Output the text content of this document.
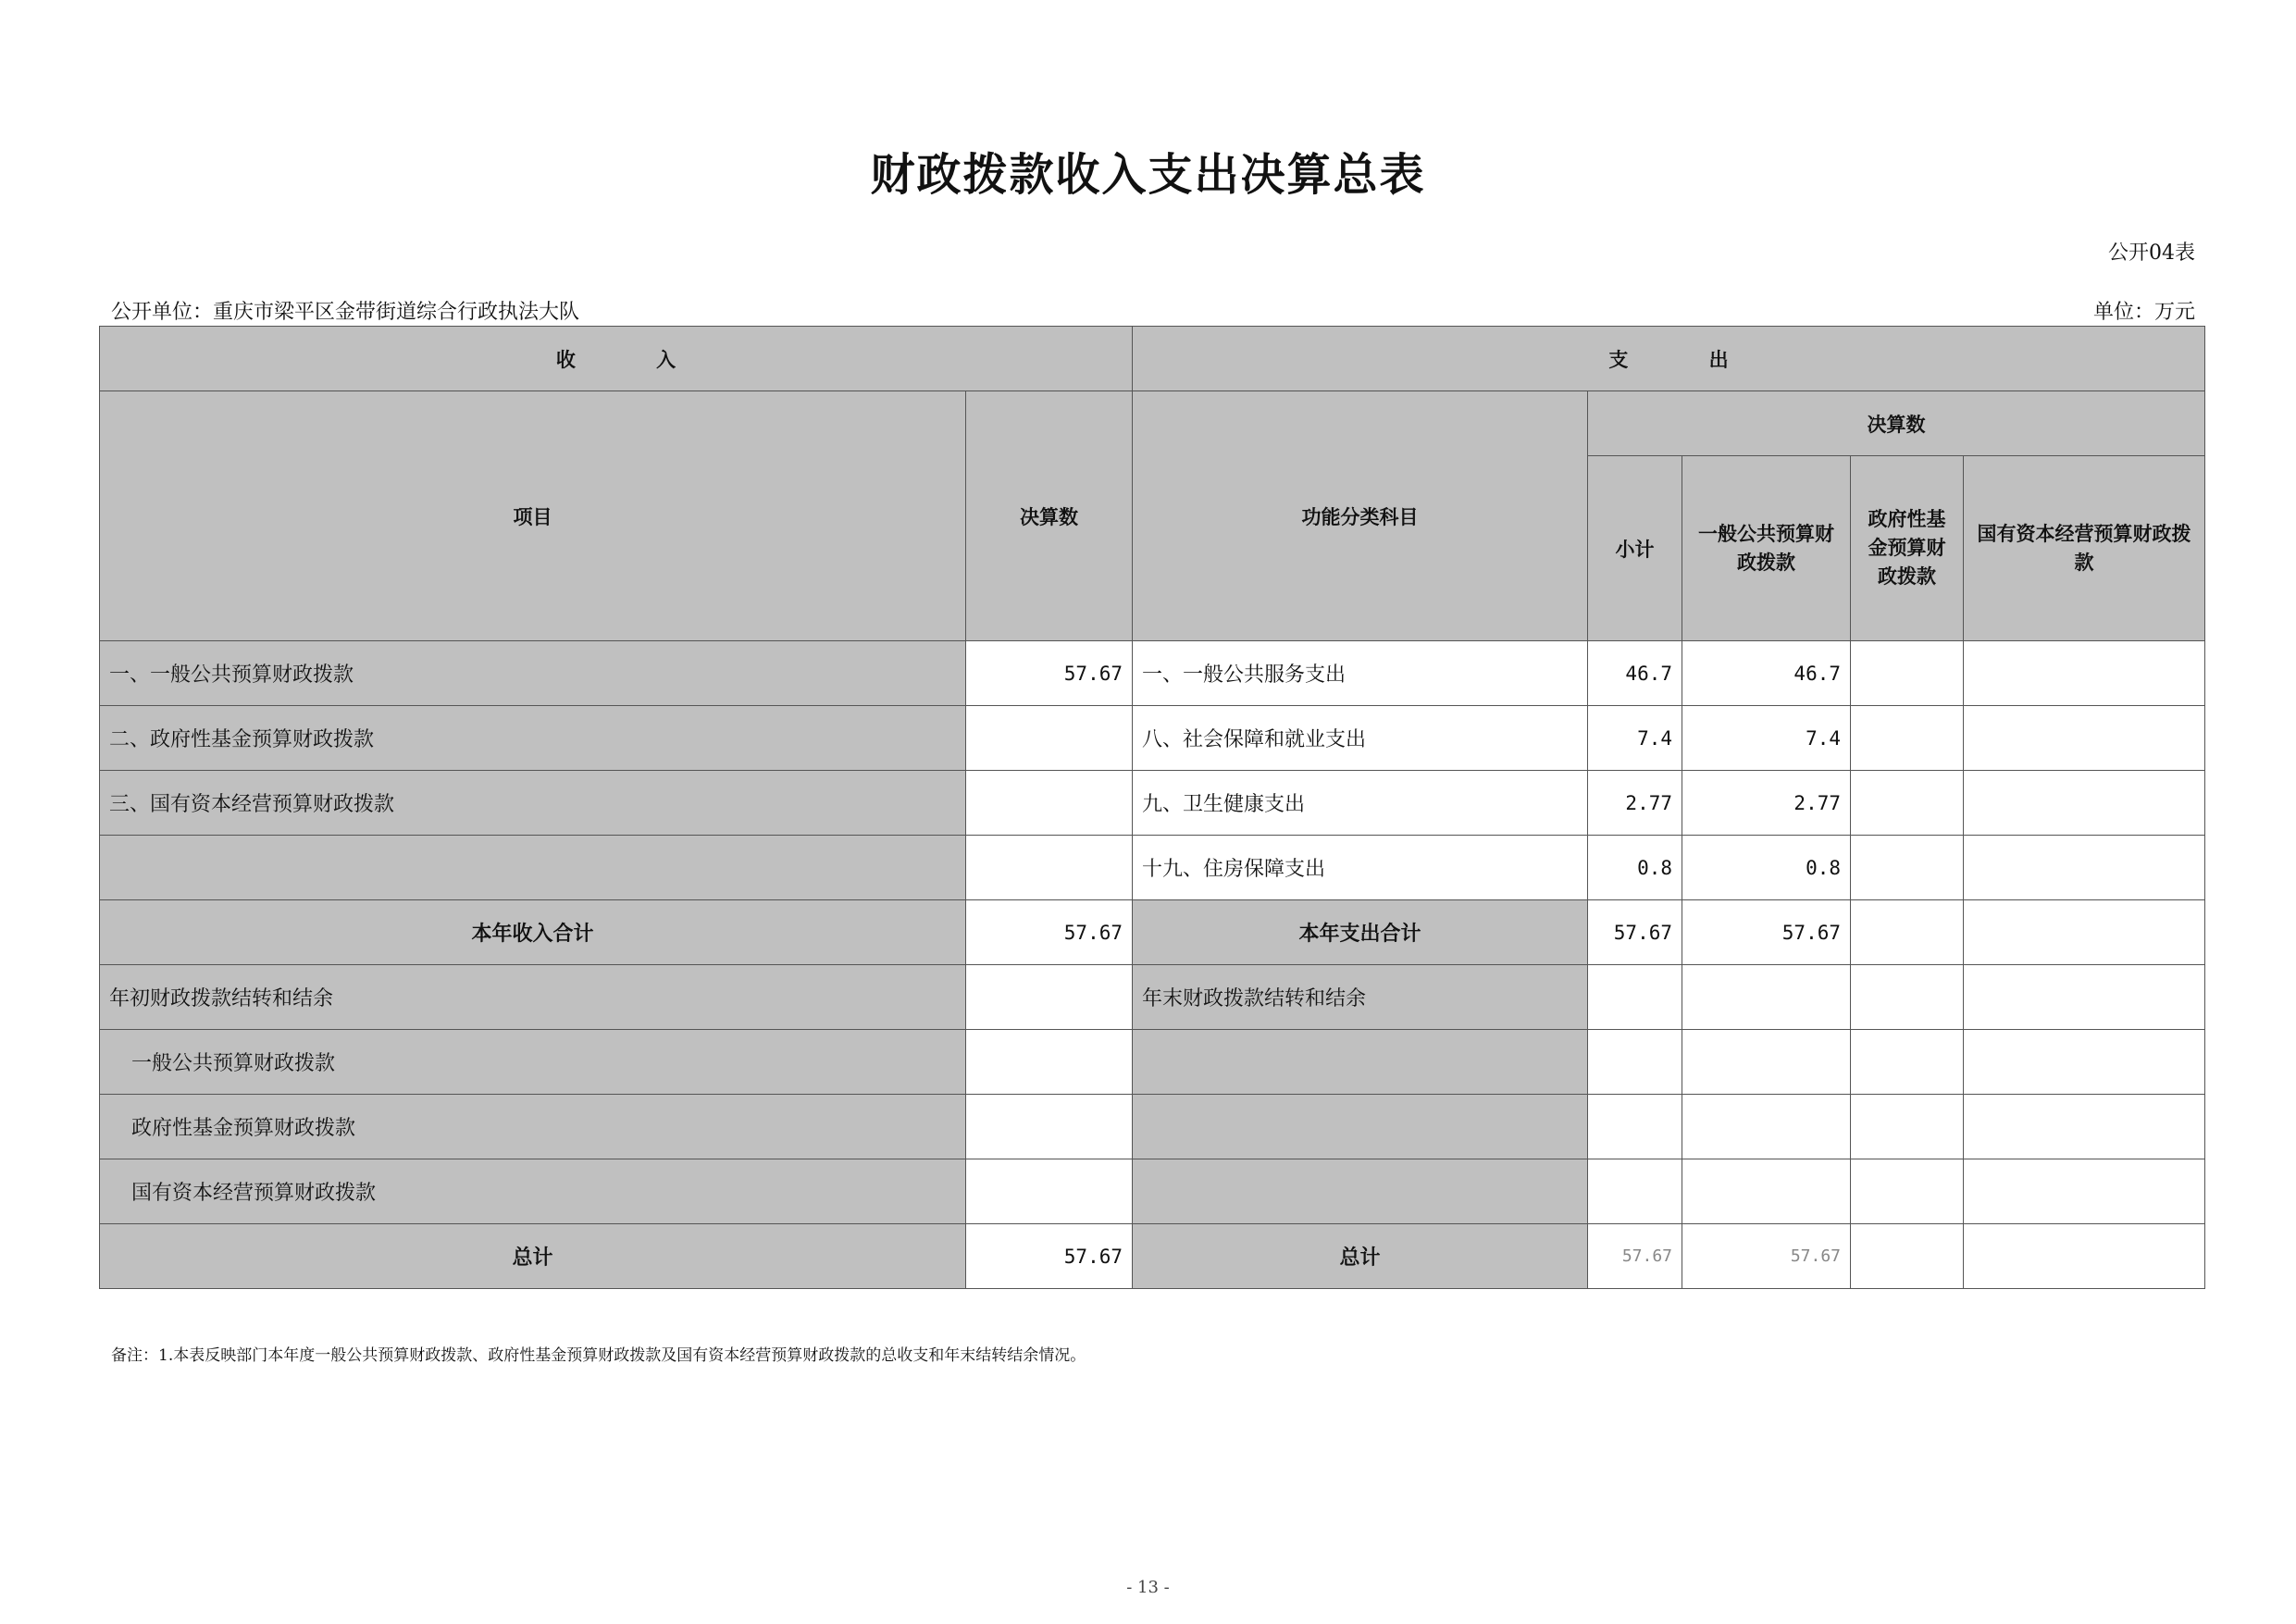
财政拨款收入支出决算总表
公开04表
公开单位：重庆市梁平区金带街道综合行政执法大队	单位：万元
收 入		支 出				
项目	决算数	功能分类科目	决算数			
			小计	一般公共预算财政拨款	政府性基金预算财政拨款	国有资本经营预算财政拨款
一、一般公共预算财政拨款	57.67	一、一般公共服务支出	46.7	46.7		
二、政府性基金预算财政拨款		八、社会保障和就业支出	7.4	7.4		
三、国有资本经营预算财政拨款		九、卫生健康支出	2.77	2.77		
		十九、住房保障支出	0.8	0.8		
本年收入合计	57.67	本年支出合计	57.67	57.67		
年初财政拨款结转和结余		年末财政拨款结转和结余				
一般公共预算财政拨款						
政府性基金预算财政拨款						
国有资本经营预算财政拨款						
总计	57.67	总计	57.67	57.67		
备注：1.本表反映部门本年度一般公共预算财政拨款、政府性基金预算财政拨款及国有资本经营预算财政拨款的总收支和年末结转结余情况。
- 13 -
